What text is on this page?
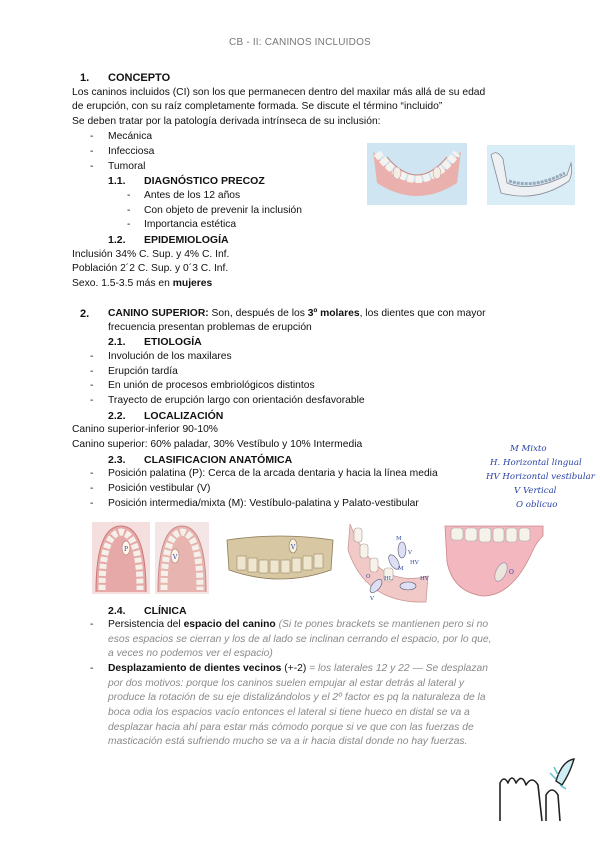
CB - II: CANINOS INCLUIDOS
1. CONCEPTO
Los caninos incluidos (CI) son los que permanecen dentro del maxilar más allá de su edad
de erupción, con su raíz completamente formada. Se discute el término “incluido”
Se deben tratar por la patología derivada intrínseca de su inclusión:
- Mecánica
- Infecciosa
- Tumoral
1.1. DIAGNÓSTICO PRECOZ
- Antes de los 12 años
- Con objeto de prevenir la inclusión
- Importancia estética
1.2. EPIDEMIOLOGÍA
Inclusión 34% C. Sup. y 4% C. Inf.
Población 2´2 C. Sup. y 0´3 C. Inf.
Sexo. 1.5-3.5 más en mujeres
2. CANINO SUPERIOR: Son, después de los 3º molares, los dientes que con mayor
frecuencia presentan problemas de erupción
2.1. ETIOLOGÍA
- Involución de los maxilares
- Erupción tardía
- En unión de procesos embriológicos distintos
- Trayecto de erupción largo con orientación desfavorable
2.2. LOCALIZACIÓN
Canino superior-inferior 90-10%
Canino superior: 60% paladar, 30% Vestíbulo y 10% Intermedia
2.3. CLASIFICACION ANATÓMICA
- Posición palatina (P): Cerca de la arcada dentaria y hacia la línea media
- Posición vestibular (V)
- Posición intermedia/mixta (M): Vestíbulo-palatina y Palato-vestibular
M Mixto
H. Horizontal lingual
HV Horizontal vestibular
V Vertical
O oblicuo
P
V
V
M
V
HV
M
O HL
V
HV
O
2.4. CLÍNICA
- Persistencia del espacio del canino (Si te pones brackets se mantienen pero si no
esos espacios se cierran y los de al lado se inclinan cerrando el espacio, por lo que,
a veces no podemos ver el espacio)
- Desplazamiento de dientes vecinos (+-2) = los laterales 12 y 22 — Se desplazan
por dos motivos: porque los caninos suelen empujar al estar detrás al lateral y
produce la rotación de su eje distalizándolos y el 2º factor es pq la naturaleza de la
boca odia los espacios vacío entonces el lateral si tiene hueco en distal se va a
desplazar hacia ahí para estar más cómodo porque si ve que con las fuerzas de
masticación está sufriendo mucho se va a ir hacia distal donde no hay fuerzas.
